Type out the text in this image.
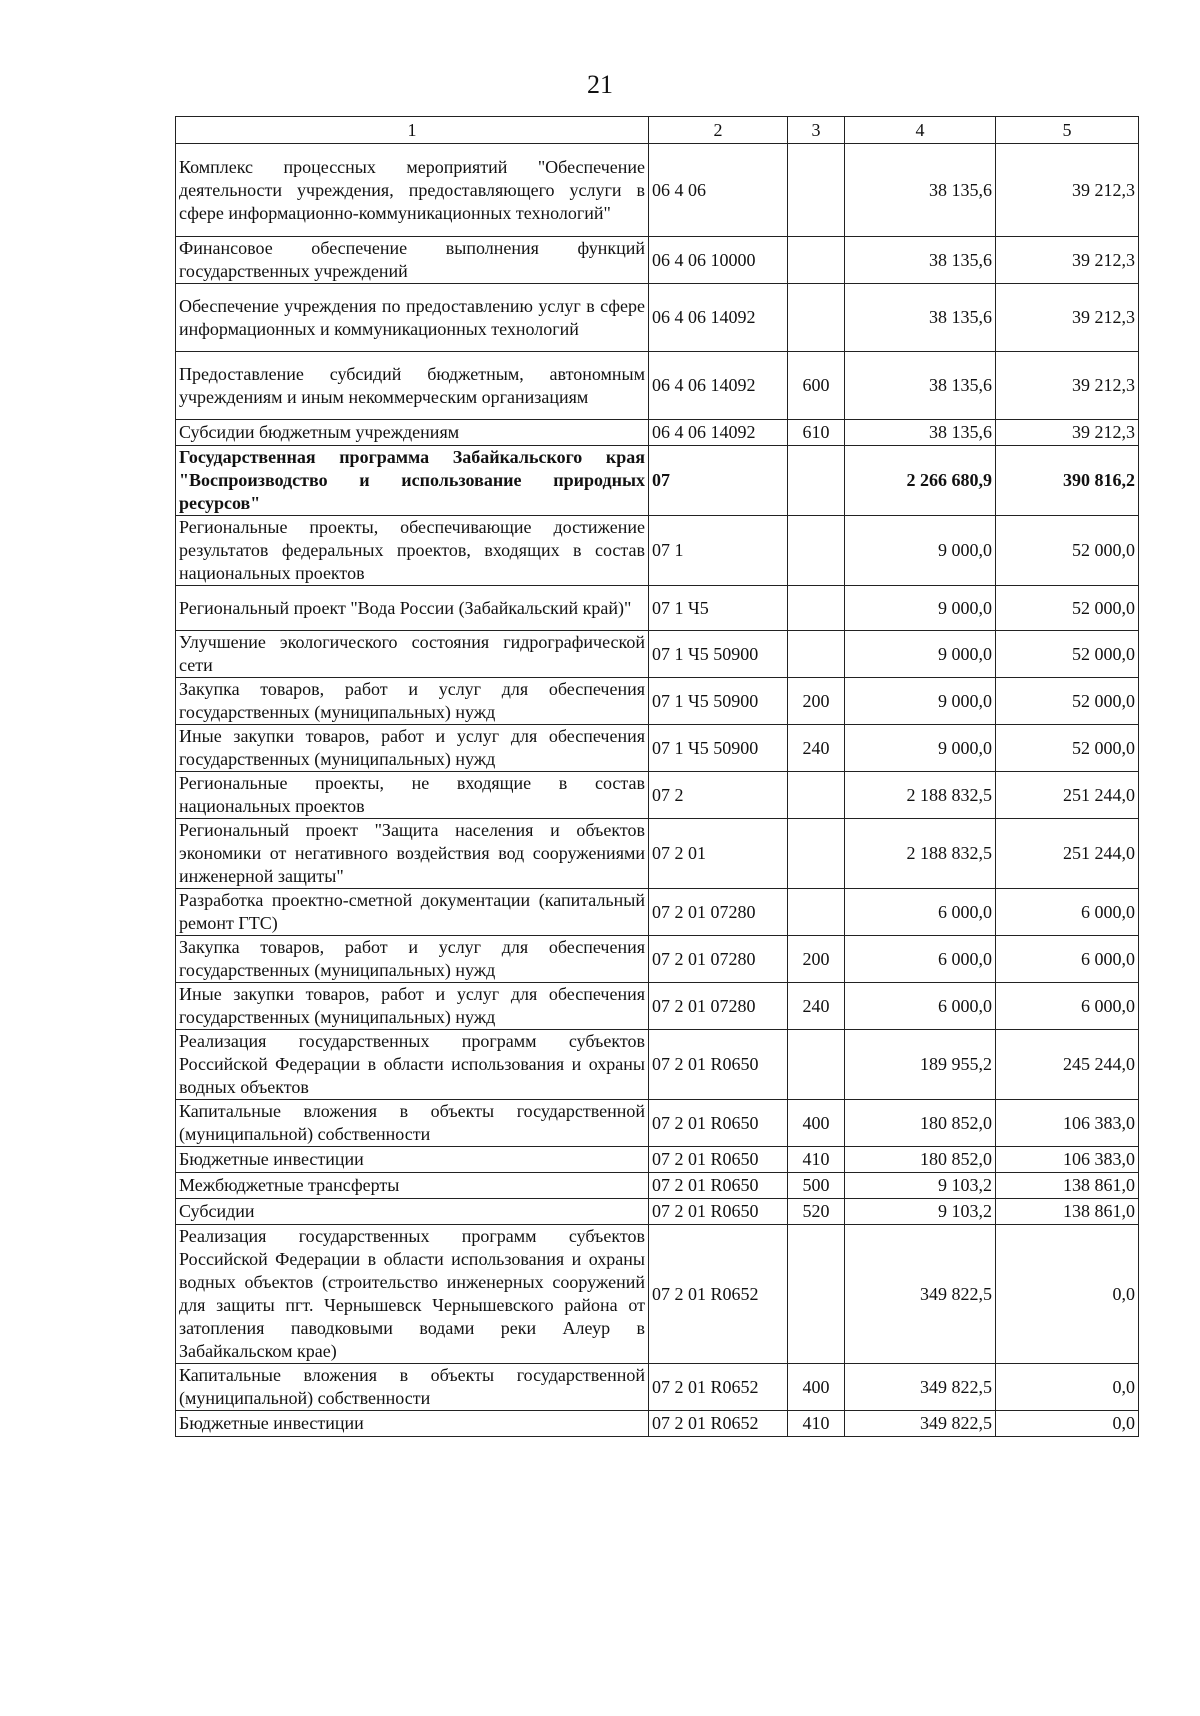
21
1	2	3	4	5
Комплекс процессных мероприятий "Обеспечение деятельности учреждения, предоставляющего услуги в сфере информационно-коммуникационных технологий"	06 4 06		38 135,6	39 212,3
Финансовое обеспечение выполнения функций государственных учреждений	06 4 06 10000		38 135,6	39 212,3
Обеспечение учреждения по предоставлению услуг в сфере информационных и коммуникационных технологий	06 4 06 14092		38 135,6	39 212,3
Предоставление субсидий бюджетным, автономным учреждениям и иным некоммерческим организациям	06 4 06 14092	600	38 135,6	39 212,3
Субсидии бюджетным учреждениям	06 4 06 14092	610	38 135,6	39 212,3
Государственная программа Забайкальского края "Воспроизводство и использование природных ресурсов"	07		2 266 680,9	390 816,2
Региональные проекты, обеспечивающие достижение результатов федеральных проектов, входящих в состав национальных проектов	07 1		9 000,0	52 000,0
Региональный проект "Вода России (Забайкальский край)"	07 1 Ч5		9 000,0	52 000,0
Улучшение экологического состояния гидрографической сети	07 1 Ч5 50900		9 000,0	52 000,0
Закупка товаров, работ и услуг для обеспечения государственных (муниципальных) нужд	07 1 Ч5 50900	200	9 000,0	52 000,0
Иные закупки товаров, работ и услуг для обеспечения государственных (муниципальных) нужд	07 1 Ч5 50900	240	9 000,0	52 000,0
Региональные проекты, не входящие в состав национальных проектов	07 2		2 188 832,5	251 244,0
Региональный проект "Защита населения и объектов экономики от негативного воздействия вод сооружениями инженерной защиты"	07 2 01		2 188 832,5	251 244,0
Разработка проектно-сметной документации (капитальный ремонт ГТС)	07 2 01 07280		6 000,0	6 000,0
Закупка товаров, работ и услуг для обеспечения государственных (муниципальных) нужд	07 2 01 07280	200	6 000,0	6 000,0
Иные закупки товаров, работ и услуг для обеспечения государственных (муниципальных) нужд	07 2 01 07280	240	6 000,0	6 000,0
Реализация государственных программ субъектов Российской Федерации в области использования и охраны водных объектов	07 2 01 R0650		189 955,2	245 244,0
Капитальные вложения в объекты государственной (муниципальной) собственности	07 2 01 R0650	400	180 852,0	106 383,0
Бюджетные инвестиции	07 2 01 R0650	410	180 852,0	106 383,0
Межбюджетные трансферты	07 2 01 R0650	500	9 103,2	138 861,0
Субсидии	07 2 01 R0650	520	9 103,2	138 861,0
Реализация государственных программ субъектов Российской Федерации в области использования и охраны водных объектов (строительство инженерных сооружений для защиты пгт. Чернышевск Чернышевского района от затопления паводковыми водами реки Алеур в Забайкальском крае)	07 2 01 R0652		349 822,5	0,0
Капитальные вложения в объекты государственной (муниципальной) собственности	07 2 01 R0652	400	349 822,5	0,0
Бюджетные инвестиции	07 2 01 R0652	410	349 822,5	0,0
